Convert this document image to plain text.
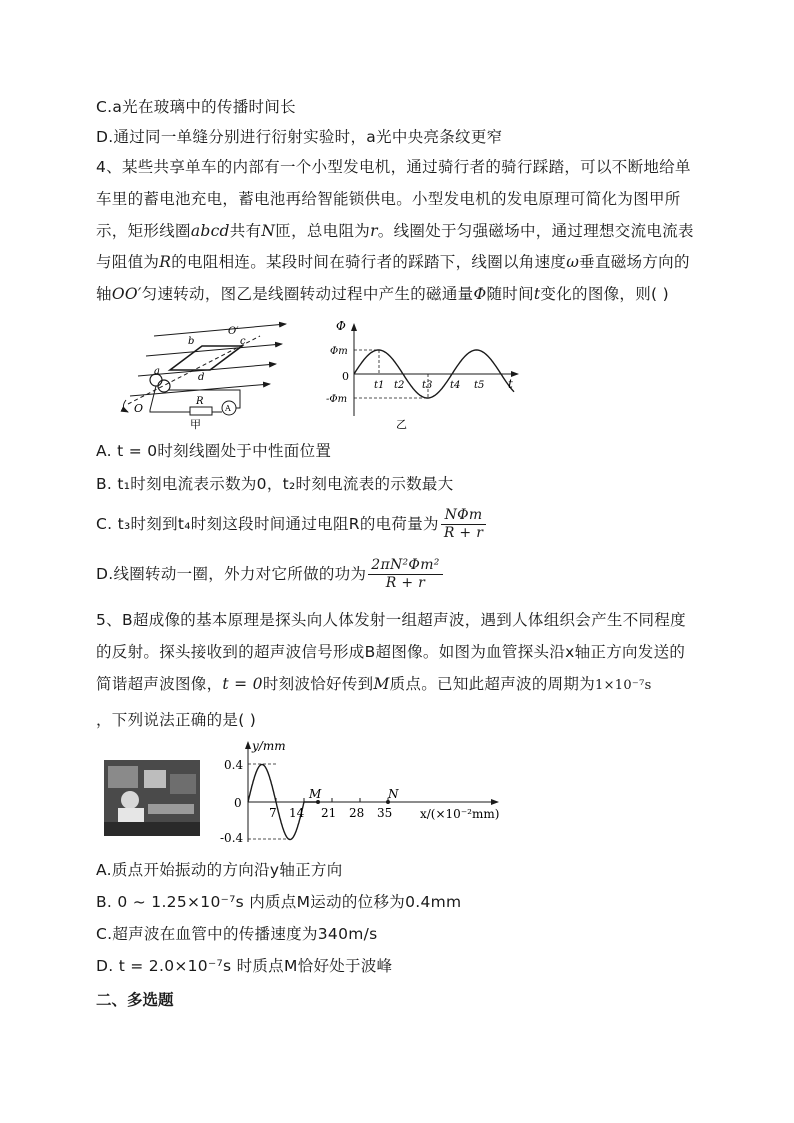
C.a光在玻璃中的传播时间长
D.通过同一单缝分别进行衍射实验时，a光中央亮条纹更窄
4、某些共享单车的内部有一个小型发电机，通过骑行者的骑行踩踏，可以不断地给单
车里的蓄电池充电，蓄电池再给智能锁供电。小型发电机的发电原理可简化为图甲所
示，矩形线圈abcd共有N匝，总电阻为r。线圈处于匀强磁场中，通过理想交流电流表
与阻值为R的电阻相连。某段时间在骑行者的踩踏下，线圈以角速度ω垂直磁场方向的
轴OO′匀速转动，图乙是线圈转动过程中产生的磁通量Φ随时间t变化的图像，则( )
O′
b	c
a
d
O
R
A
甲
Φ
t
0
Φm
-Φm
t1 t2 t3 t4 t5
乙
A. t = 0时刻线圈处于中性面位置
B. t₁时刻电流表示数为0，t₂时刻电流表的示数最大
C. t₃时刻到t₄时刻这段时间通过电阻R的电荷量为 $\frac{\text{NΦm}}{R + r}$
D.线圈转动一圈，外力对它所做的功为 $\frac{\text{2πN²Φm²}}{R + r}$
5、B超成像的基本原理是探头向人体发射一组超声波，遇到人体组织会产生不同程度
的反射。探头接收到的超声波信号形成B超图像。如图为血管探头沿x轴正方向发送的
简谐超声波图像，t = 0时刻波恰好传到M质点。已知此超声波的周期为1×10⁻⁷s
，下列说法正确的是( )
y/mm
x/(×10⁻²mm)
0
0.4
-0.4
M	N
7 14 21 28 35
A.质点开始振动的方向沿y轴正方向
B. 0 ~ 1.25×10⁻⁷s 内质点M运动的位移为0.4mm
C.超声波在血管中的传播速度为340m/s
D. t = 2.0×10⁻⁷s 时质点M恰好处于波峰
二、多选题
